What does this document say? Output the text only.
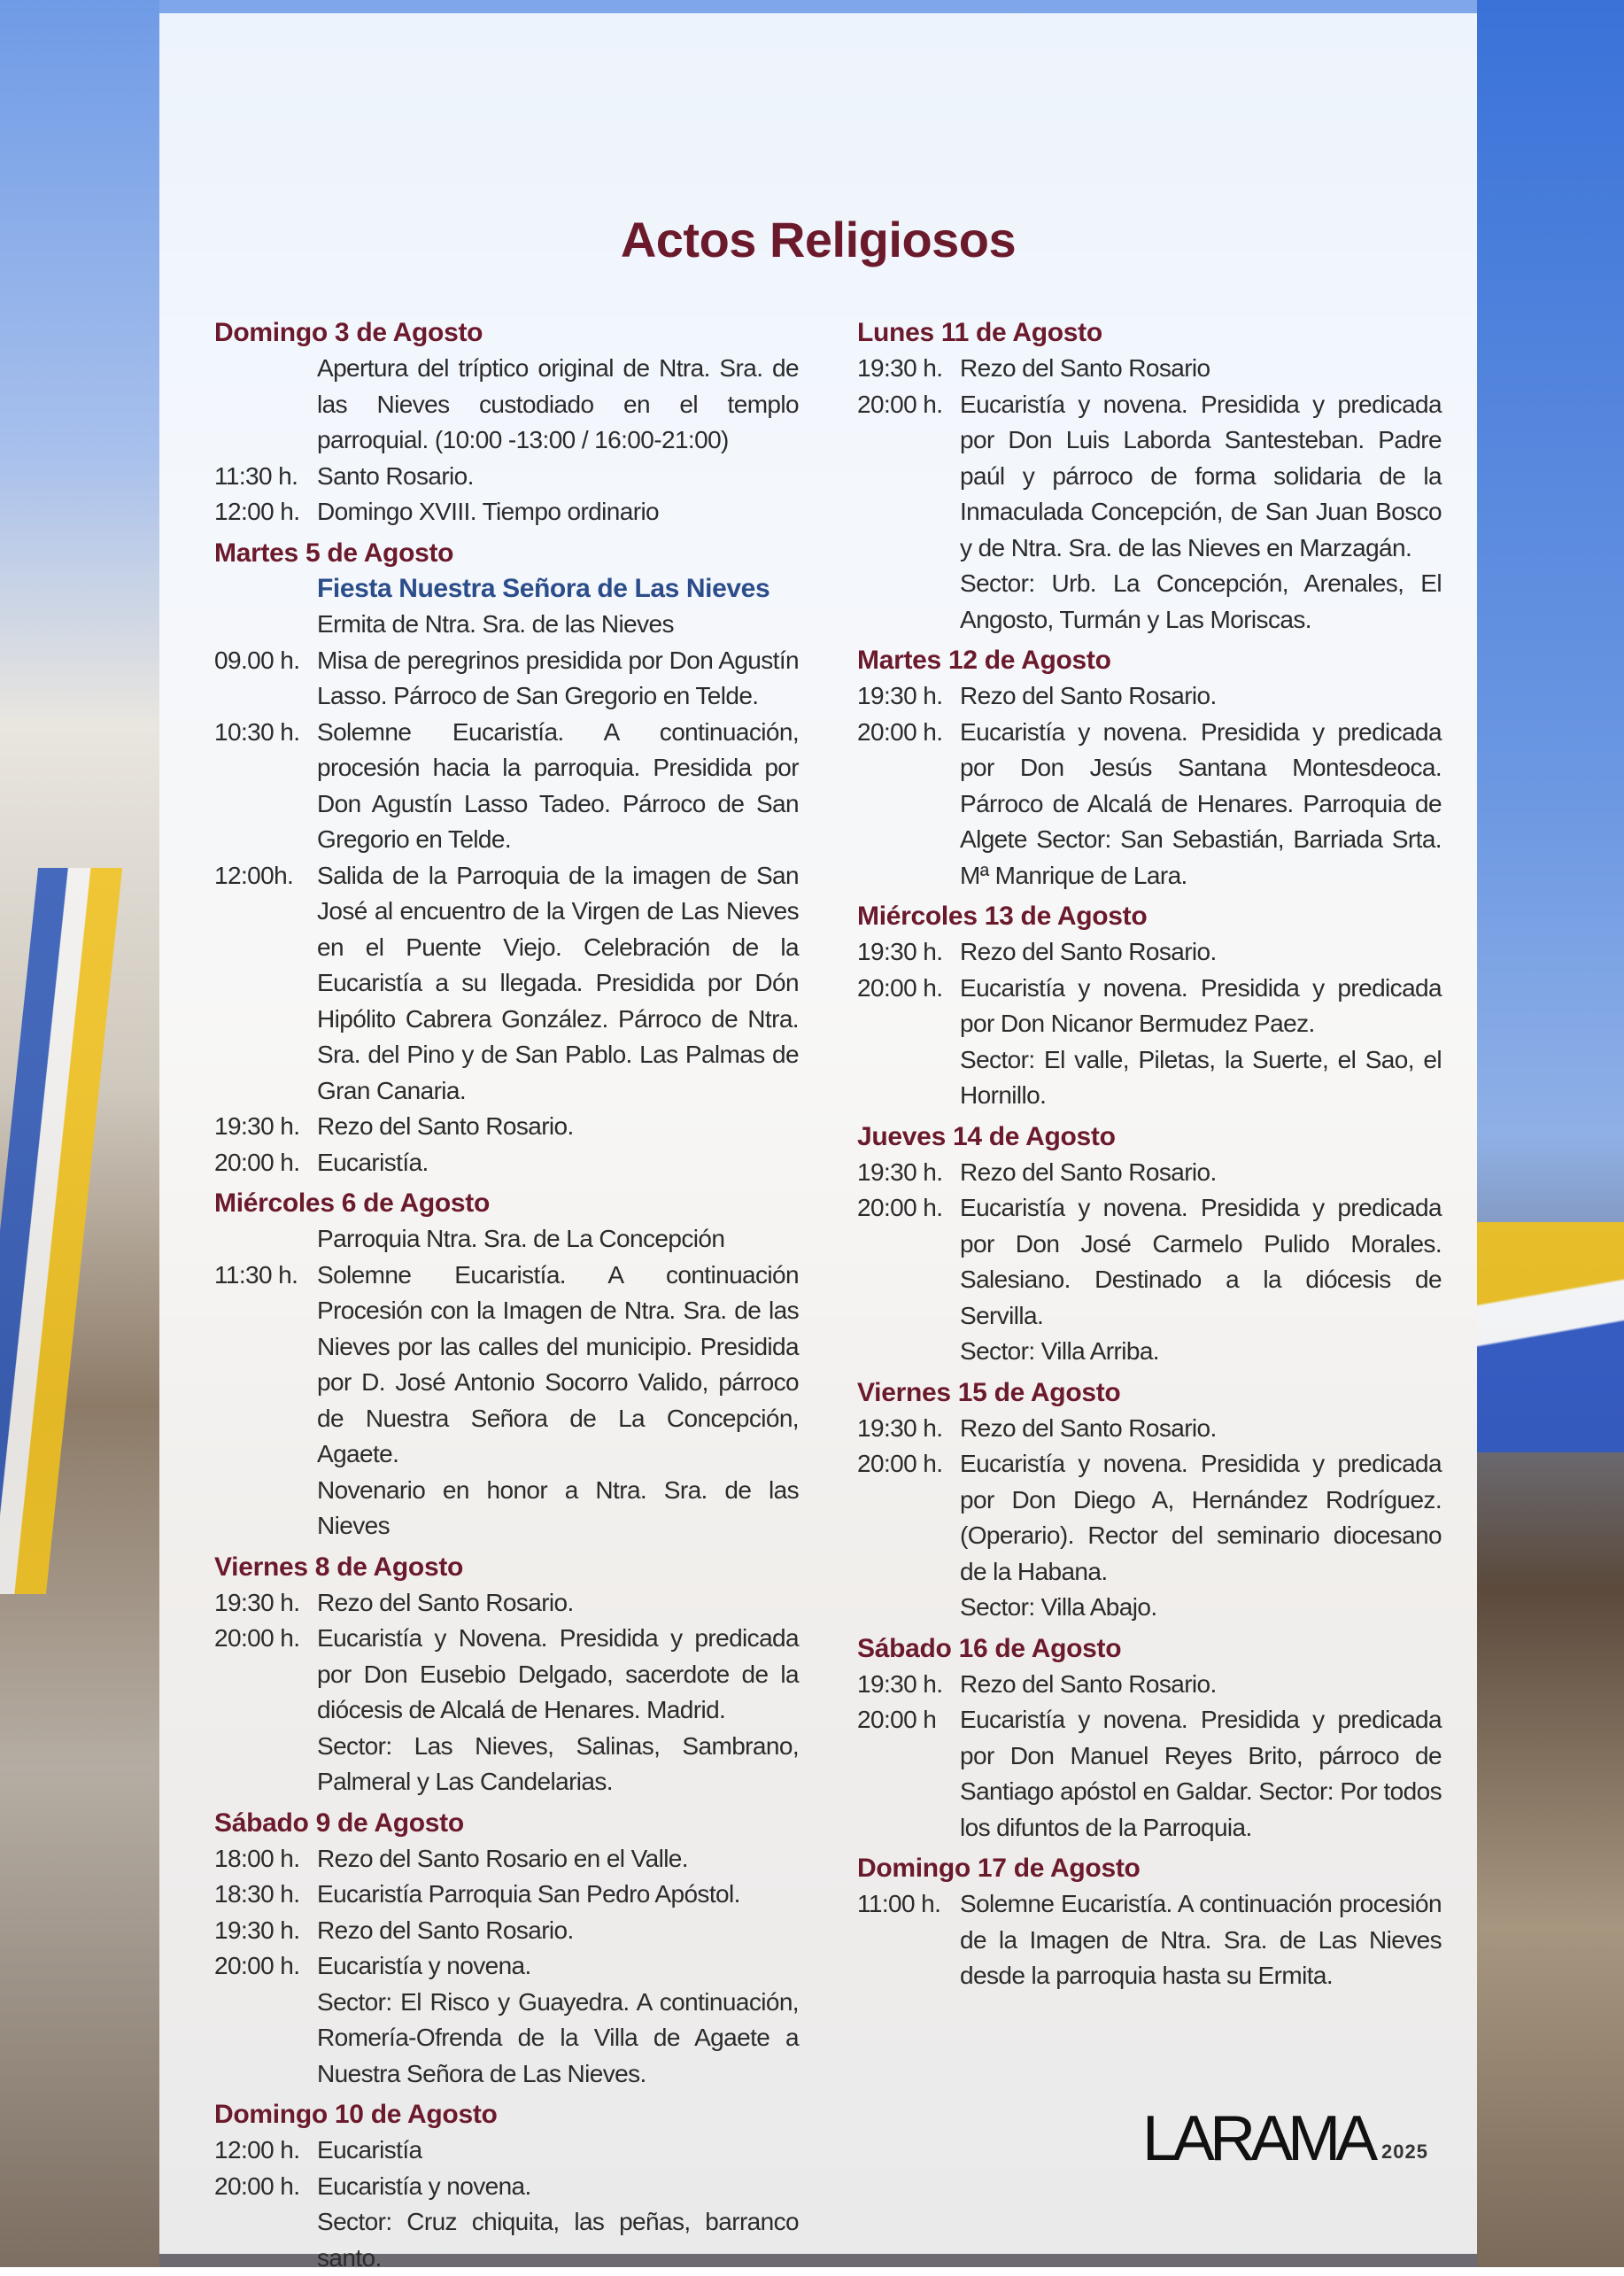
Actos Religiosos
Domingo 3 de Agosto
Apertura del tríptico original de Ntra. Sra. de las Nieves custodiado en el templo parroquial. (10:00 -13:00 / 16:00-21:00)
11:30 h. Santo Rosario.
12:00 h. Domingo XVIII. Tiempo ordinario
Martes 5 de Agosto
Fiesta Nuestra Señora de Las Nieves
Ermita de Ntra. Sra. de las Nieves
09.00 h. Misa de peregrinos presidida por Don Agustín Lasso. Párroco de San Gregorio en Telde.
10:30 h. Solemne Eucaristía. A continuación, procesión hacia la parroquia. Presidida por Don Agustín Lasso Tadeo. Párroco de San Gregorio en Telde.
12:00h. Salida de la Parroquia de la imagen de San José al encuentro de la Virgen de Las Nieves en el Puente Viejo. Celebración de la Eucaristía a su llegada. Presidida por Dón Hipólito Cabrera González. Párroco de Ntra. Sra. del Pino y de San Pablo. Las Palmas de Gran Canaria.
19:30 h. Rezo del Santo Rosario.
20:00 h. Eucaristía.
Miércoles 6 de Agosto
Parroquia Ntra. Sra. de La Concepción
11:30 h. Solemne Eucaristía. A continuación Procesión con la Imagen de Ntra. Sra. de las Nieves por las calles del municipio. Presidida por D. José Antonio Socorro Valido, párroco de Nuestra Señora de La Concepción, Agaete.
Novenario en honor a Ntra. Sra. de las Nieves
Viernes 8 de Agosto
19:30 h. Rezo del Santo Rosario.
20:00 h. Eucaristía y Novena. Presidida y predicada por Don Eusebio Delgado, sacerdote de la diócesis de Alcalá de Henares. Madrid.
Sector: Las Nieves, Salinas, Sambrano, Palmeral y Las Candelarias.
Sábado 9 de Agosto
18:00 h. Rezo del Santo Rosario en el Valle.
18:30 h. Eucaristía Parroquia San Pedro Apóstol.
19:30 h. Rezo del Santo Rosario.
20:00 h. Eucaristía y novena.
Sector: El Risco y Guayedra. A continuación, Romería-Ofrenda de la Villa de Agaete a Nuestra Señora de Las Nieves.
Domingo 10 de Agosto
12:00 h. Eucaristía
20:00 h. Eucaristía y novena.
Sector: Cruz chiquita, las peñas, barranco santo.
Lunes 11 de Agosto
19:30 h. Rezo del Santo Rosario
20:00 h. Eucaristía y novena. Presidida y predicada por Don Luis Laborda Santesteban. Padre paúl y párroco de forma solidaria de la Inmaculada Concepción, de San Juan Bosco y de Ntra. Sra. de las Nieves en Marzagán.
Sector: Urb. La Concepción, Arenales, El Angosto, Turmán y Las Moriscas.
Martes 12 de Agosto
19:30 h. Rezo del Santo Rosario.
20:00 h. Eucaristía y novena. Presidida y predicada por Don Jesús Santana Montesdeoca. Párroco de Alcalá de Henares. Parroquia de Algete Sector: San Sebastián, Barriada Srta. Mª Manrique de Lara.
Miércoles 13 de Agosto
19:30 h. Rezo del Santo Rosario.
20:00 h. Eucaristía y novena. Presidida y predicada por Don Nicanor Bermudez Paez.
Sector: El valle, Piletas, la Suerte, el Sao, el Hornillo.
Jueves 14 de Agosto
19:30 h. Rezo del Santo Rosario.
20:00 h. Eucaristía y novena. Presidida y predicada por Don José Carmelo Pulido Morales. Salesiano. Destinado a la diócesis de Servilla.
Sector: Villa Arriba.
Viernes 15 de Agosto
19:30 h. Rezo del Santo Rosario.
20:00 h. Eucaristía y novena. Presidida y predicada por Don Diego A, Hernández Rodríguez. (Operario). Rector del seminario diocesano de la Habana.
Sector: Villa Abajo.
Sábado 16 de Agosto
19:30 h. Rezo del Santo Rosario.
20:00 h Eucaristía y novena. Presidida y predicada por Don Manuel Reyes Brito, párroco de Santiago apóstol en Galdar. Sector: Por todos los difuntos de la Parroquia.
Domingo 17 de Agosto
11:00 h. Solemne Eucaristía. A continuación procesión de la Imagen de Ntra. Sra. de Las Nieves desde la parroquia hasta su Ermita.
LARAMA 2025
